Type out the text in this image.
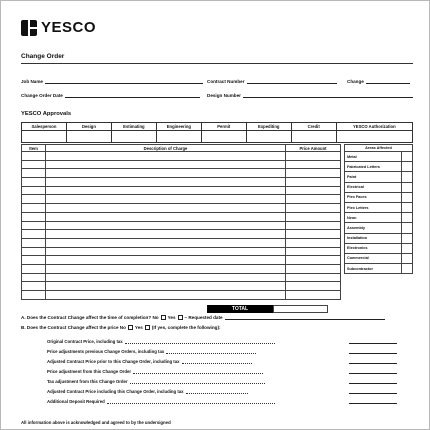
YESCO
Change Order
Job Name	Contract Number	Change
Change Order Date	Design Number
YESCO Approvals
Salesperson	Design	Estimating	Engineering	Permit	Expediting	Credit	YESCO Authorization

Item	Description of Charge	Price Amount

TOTAL
Areas Affected	
Metal	
Fabricated Letters	
Paint	
Electrical	
Plex Faces	
Plex Letters	
Neon	
Assembly	
Installation	
Electronics	
Commercial	
Subcontractor	
A. Does the Contract Change affect the time of completion? No Yes – Requested date
B. Does the Contract Change affect the price No Yes (If yes, complete the following):
Original Contract Price, including tax
Price adjustments previous Change Orders, including tax
Adjusted Contract Price prior to this Change Order, including tax
Price adjustment from this Change Order
Tax adjustment from this Change Order
Adjusted Contract Price including this Change Order, including tax
Additional Deposit Required
All information above is acknowledged and agreed to by the undersigned
